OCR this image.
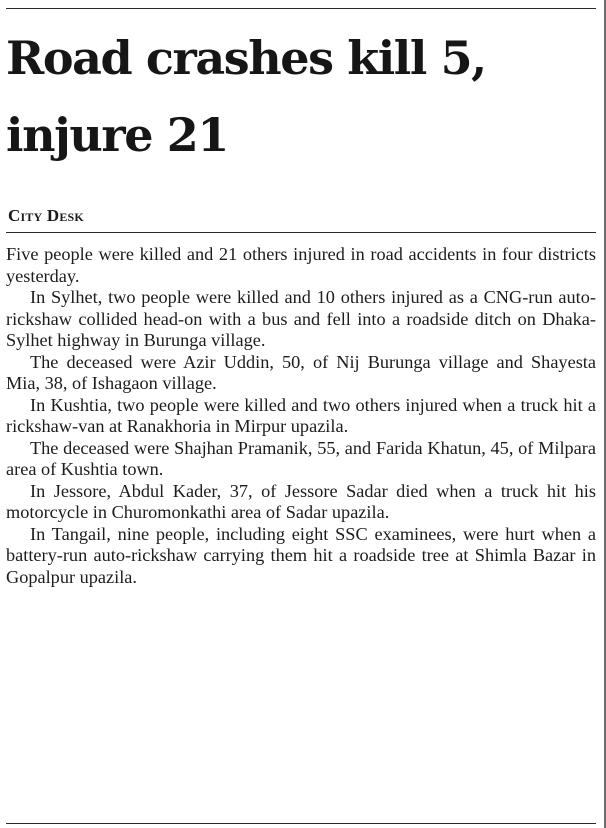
Road crashes kill 5, injure 21
City Desk

Five people were killed and 21 others injured in road accidents in four districts yesterday.

In Sylhet, two people were killed and 10 others injured as a CNG-run auto-rickshaw collided head-on with a bus and fell into a roadside ditch on Dhaka-Sylhet highway in Burunga village.

The deceased were Azir Uddin, 50, of Nij Burunga village and Shayesta Mia, 38, of Ishagaon village.

In Kushtia, two people were killed and two others injured when a truck hit a rickshaw-van at Ranakhoria in Mirpur upazila.

The deceased were Shajhan Pramanik, 55, and Farida Khatun, 45, of Milpara area of Kushtia town.

In Jessore, Abdul Kader, 37, of Jessore Sadar died when a truck hit his motorcycle in Churomonkathi area of Sadar upazila.

In Tangail, nine people, including eight SSC examinees, were hurt when a battery-run auto-rickshaw carrying them hit a roadside tree at Shimla Bazar in Gopalpur upazila.
